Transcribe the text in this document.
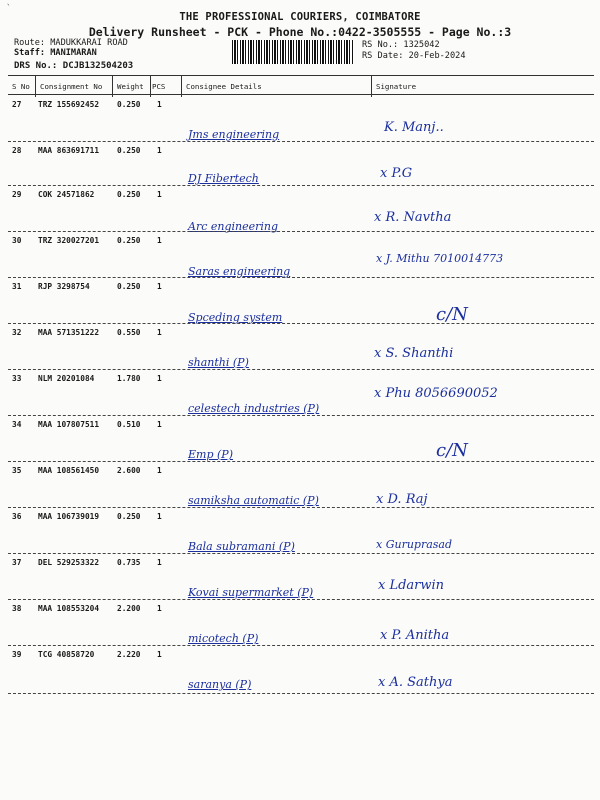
`
THE PROFESSIONAL COURIERS, COIMBATORE
Delivery Runsheet - PCK - Phone No.:0422-3505555 - Page No.:3
Route: MADUKKARAI ROAD
Staff: MANIMARAN
DRS No.: DCJB132504203
RS No.: 1325042
RS Date: 20-Feb-2024
S No Consignment No Weight PCS	Consignee Details	Signature
27 TRZ 155692452 0.250 1
Jms engineering	K. Manj..
28 MAA 863691711 0.250 1
DJ Fibertech	x P.G
29 COK 24571862	0.250 1
Arc engineering
x R. Navtha
30 TRZ 320027201 0.250 1
Saras engineering
x J. Mithu 7010014773
31 RJP 3298754	0.250 1
Spceding system	c/N
32 MAA 571351222 0.550 1
shanthi (P)
x S. Shanthi
33 NLM 20201084	1.780 1
celestech industries (P)
x Phu 8056690052
34 MAA 107807511 0.510 1
Emp (P)	c/N
35 MAA 108561450 2.600 1
samiksha automatic (P)	x D. Raj
36 MAA 106739019 0.250 1
Bala subramani (P)	x Guruprasad
37 DEL 529253322 0.735 1
Kovai supermarket (P)	x Ldarwin
38 MAA 108553204 2.200 1
micotech (P)	x P. Anitha
39 TCG 40858720	2.220 1
saranya (P)	x A. Sathya
